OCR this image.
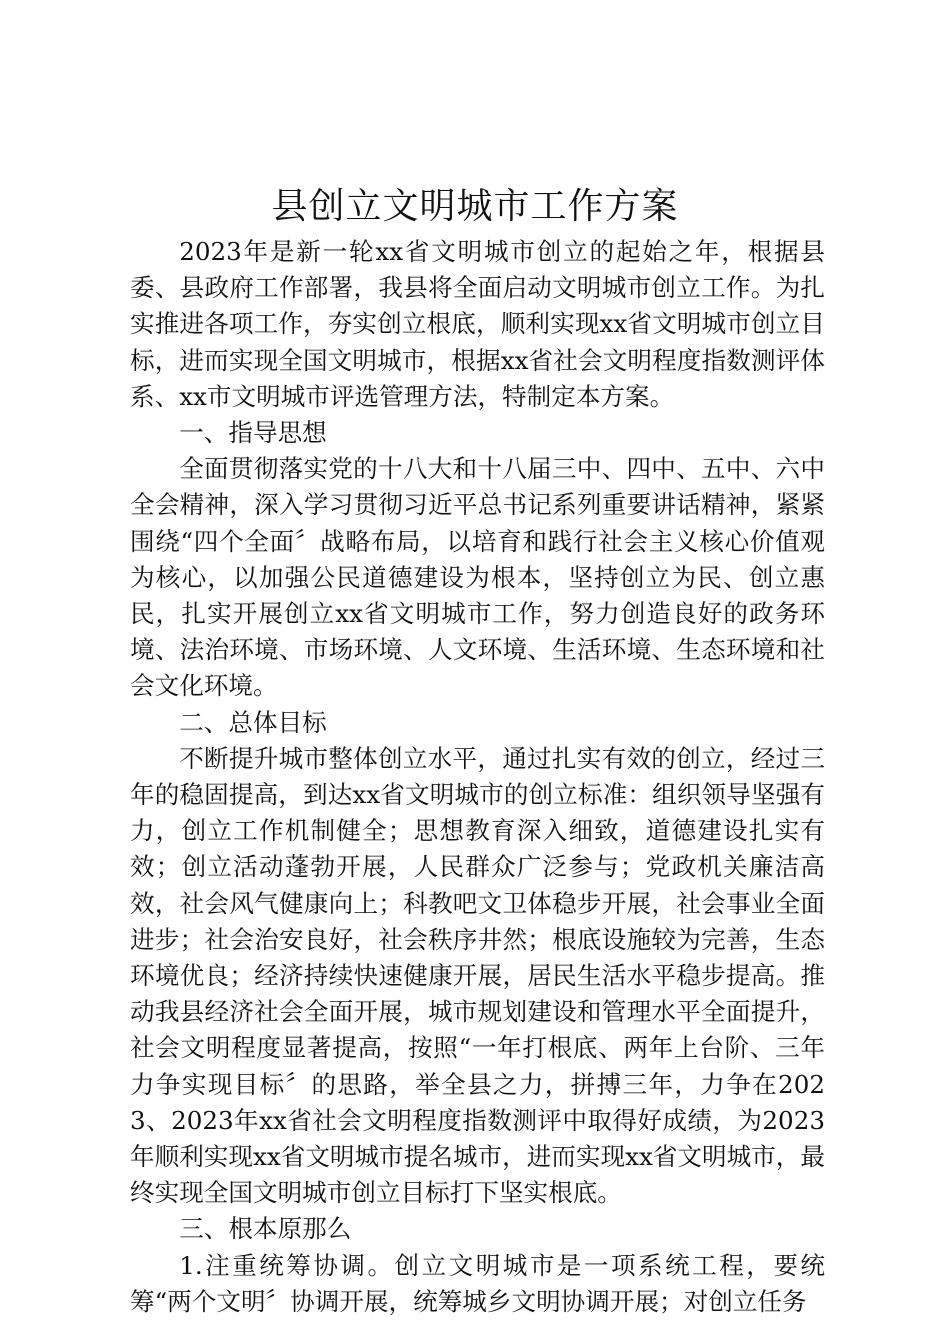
县创立文明城市工作方案

2023年是新一轮xx省文明城市创立的起始之年，根据县委、县政府工作部署，我县将全面启动文明城市创立工作。为扎实推进各项工作，夯实创立根底，顺利实现xx省文明城市创立目标，进而实现全国文明城市，根据xx省社会文明程度指数测评体系、xx市文明城市评选管理方法，特制定本方案。

一、指导思想

全面贯彻落实党的十八大和十八届三中、四中、五中、六中全会精神，深入学习贯彻习近平总书记系列重要讲话精神，紧紧围绕“四个全面〞战略布局，以培育和践行社会主义核心价值观为核心，以加强公民道德建设为根本，坚持创立为民、创立惠民，扎实开展创立xx省文明城市工作，努力创造良好的政务环境、法治环境、市场环境、人文环境、生活环境、生态环境和社会文化环境。

二、总体目标

不断提升城市整体创立水平，通过扎实有效的创立，经过三年的稳固提高，到达xx省文明城市的创立标准：组织领导坚强有力，创立工作机制健全；思想教育深入细致，道德建设扎实有效；创立活动蓬勃开展，人民群众广泛参与；党政机关廉洁高效，社会风气健康向上；科教吧文卫体稳步开展，社会事业全面进步；社会治安良好，社会秩序井然；根底设施较为完善，生态环境优良；经济持续快速健康开展，居民生活水平稳步提高。推动我县经济社会全面开展，城市规划建设和管理水平全面提升，社会文明程度显著提高，按照“一年打根底、两年上台阶、三年力争实现目标〞的思路，举全县之力，拼搏三年，力争在2023、2023年xx省社会文明程度指数测评中取得好成绩，为2023年顺利实现xx省文明城市提名城市，进而实现xx省文明城市，最终实现全国文明城市创立目标打下坚实根底。

三、根本原那么

1.注重统筹协调。创立文明城市是一项系统工程，要统筹“两个文明〞协调开展，统筹城乡文明协调开展；对创立任务
